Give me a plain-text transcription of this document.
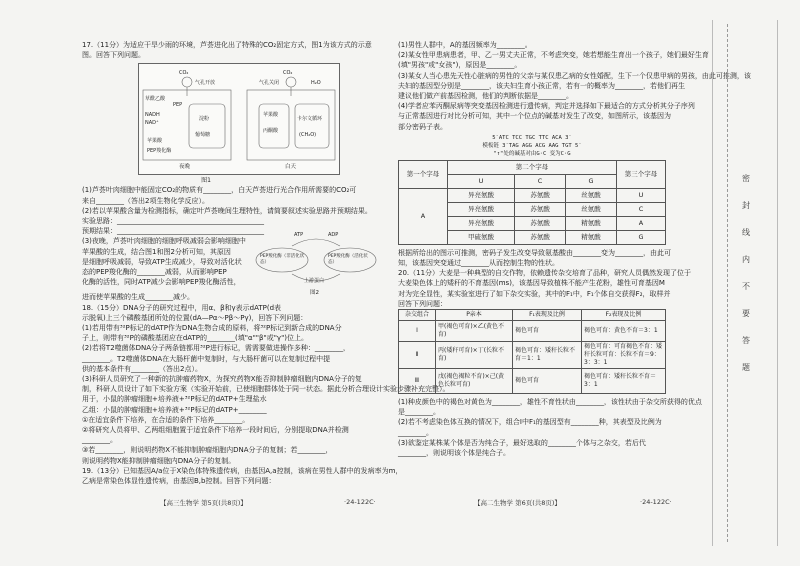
17.（11分）为适应干旱少雨的环境，芦荟进化出了特殊的CO₂固定方式，图1为该方式的示意

图。回答下列问题。

CO₂	CO₂
气孔开放	气孔关闭	H₂O
草酰乙酸
PEP
NADH
NAD⁺
淀粉
葡萄糖
苹果酸
PEP羧化酶
苹果酸
丙酮酸
卡尔文循环
(CH₂O)
夜晚	白天

图1

(1)芦荟叶肉细胞中能固定CO₂的物质有________，白天芦荟进行光合作用所需要的CO₂可

来自________（答出2项生物化学反应）。

(2)若以苹果酸含量为检测指标，确定叶芦荟晚间生理特性，请简要叙述实验思路并预期结果。

实验思路：__________________________________________

预期结果：__________________________________________

(3)夜晚，芦荟叶肉细胞的细胞呼吸减弱会影响细胞中

苹果酸的生成，结合图1和图2分析可知，其原因

是细胞呼吸减弱，导致ATP生成减少，导致对活化状

态的PEP羧化酶的________减弱，从而影响PEP

化酶的活性，同时ATP减少会影响PEP羧化酶活性，

ATP	ADP
PEP羧化酶（非活化状态）
PEP羧化酶（活化状态）
上游蛋白
图2

进而使苹果酸的生成________减少。

18.（15分）DNA分子的研究过程中，用α、β和γ表示dATP(d表

示脱氧)上三个磷酸基团所处的位置(dA—Pα～Pβ～Pγ)，回答下列问题：

(1)若用带有³²P标记的dATP作为DNA生物合成的原料，将³²P标记到新合成的DNA分

子上，则带有³²P的磷酸基团应在dATP的________(填"α""β"或"γ")位上。

(2)若将T2噬菌体DNA分子两条链都用³²P进行标记，需需要做进操作多种：________，

________。T2噬菌体DNA在大肠杆菌中复制时，与大肠杆菌可以在复制过程中提

供的基本条件有________（答出2点）。

(3)科研人员研究了一种新的抗肿瘤药物X，为探究药物X能否抑制肿瘤细胞内DNA分子的复

制，科研人员设计了如下实验方案（实验开始前，已使细胞群体处于同一状态。据此分析合理设计实验步骤补充完整）。

用于，小鼠的肿瘤细胞+培养液+³²P标记的dATP+生理盐水

乙组：小鼠的肿瘤细胞+培养液+³²P标记的dATP+________

①在适宜条件下培养，在合适的条件下培养________。

②将研究人员将甲、乙两组细胞置于适宜条件下培养一段时间后，分别提取DNA并检测

________。

③若________，则说明药物X不能抑制肿瘤细胞内DNA分子的复制；若________，

则说明药物X能抑制肿瘤细胞内DNA分子的复制。

19.（13分）已知基因A/a位于X染色体特殊遗传病，由基因A,a控制，该病在男性人群中的发病率为m，

乙病是常染色体显性遗传病，由基因B,b控制。回答下列问题：

【高三生物学 第5页(共8页)】	·24-122C·

(1)男性人群中，A的基因频率为________。

(2)某女性甲患病患者，甲、乙一男丈夫正常，不考虑突变，她若想能生育出一个孩子，她们最好生育

(填"男孩"或"女孩")，原因是________。

(3)某女人当心患先天性心脏病的男性的父亲与某仅患乙病的女性婚配，生下一个仅患甲病的男孩，由此可推测，该

夫妇的基因型分别是________，该夫妇生育小孩正常，若有一的概率为________，若他们再生

建议他们做产前基因检测，他们的判断依据是________。

(4)学者应苯丙酮尿病等突变基因检测进行遗传病，判定并选择如下最适合的方式分析其分子序列

与正常基因进行对比分析可知，其中一个位点的碱基对发生了改变，如图所示，该基因为

部分密码子表。

5′ATC TCC TGC TTC ACA 3′

模板链 3′TAG AGG ACG AAG TGT 5′

"↑"处的碱基对由G·C 变为C·G

第一个字母	第二个字母			第三个字母
	U	C	G	
A	异亮氨酸	苏氨酸	丝氨酸	U
	异亮氨酸	苏氨酸	丝氨酸	C
	异亮氨酸	苏氨酸	精氨酸	A
	甲硫氨酸	苏氨酸	精氨酸	G

根据所给出的图示可推测，密码子发生改变导致氨基酸由________变为________，由此可

知，该基因突变通过________从而控制生物的性状。

20.（11分）大麦是一种典型的自交作物，依赖遗传杂交培育了品种，研究人员偶然发现了位于

大麦染色体上的矮秆的不育基因(ms)，该基因导致植株不能产生花粉，雄性可育基因M

对为完全显性，某实验室进行了如下杂交实验，其中的F₁中，F₁个体自交获得F₂，取样并

回答下列问题：

杂交组合	P亲本	F₁表现及比例	F₂表现及比例
Ⅰ	甲(褐色可育)×乙(黄色不育)	褐色可育	褐色可育：黄色不育＝3：1
Ⅱ	丙(矮秆可育)×丁(长粒不育)	褐色可育：矮秆长粒不育＝1：1	褐色可育：可育褐色不育：矮秆长粒可育：长粒不育＝9：3：3：1
Ⅲ	戊(褐色褐粒不育)×己(黄色长粒可育)	褐色可育	褐色可育：矮秆长粒不育＝3：1

(1)种皮颜色中的褐色对黄色为________，雄性不育性状由________，该性状由于杂交所获得的优点

是________。

(2)若不考虑染色体互换的情况下，组合Ⅰ中F₁的基因型有________种，其表型及比例为

________。

(3)欲鉴定某株某个体是否为纯合子，最好选取的________个体与之杂交，若后代

________，则说明该个体是纯合子。

【高二生物学 第6页(共8页)】	·24-122C·
密
封
线
内
不
要
答
题
